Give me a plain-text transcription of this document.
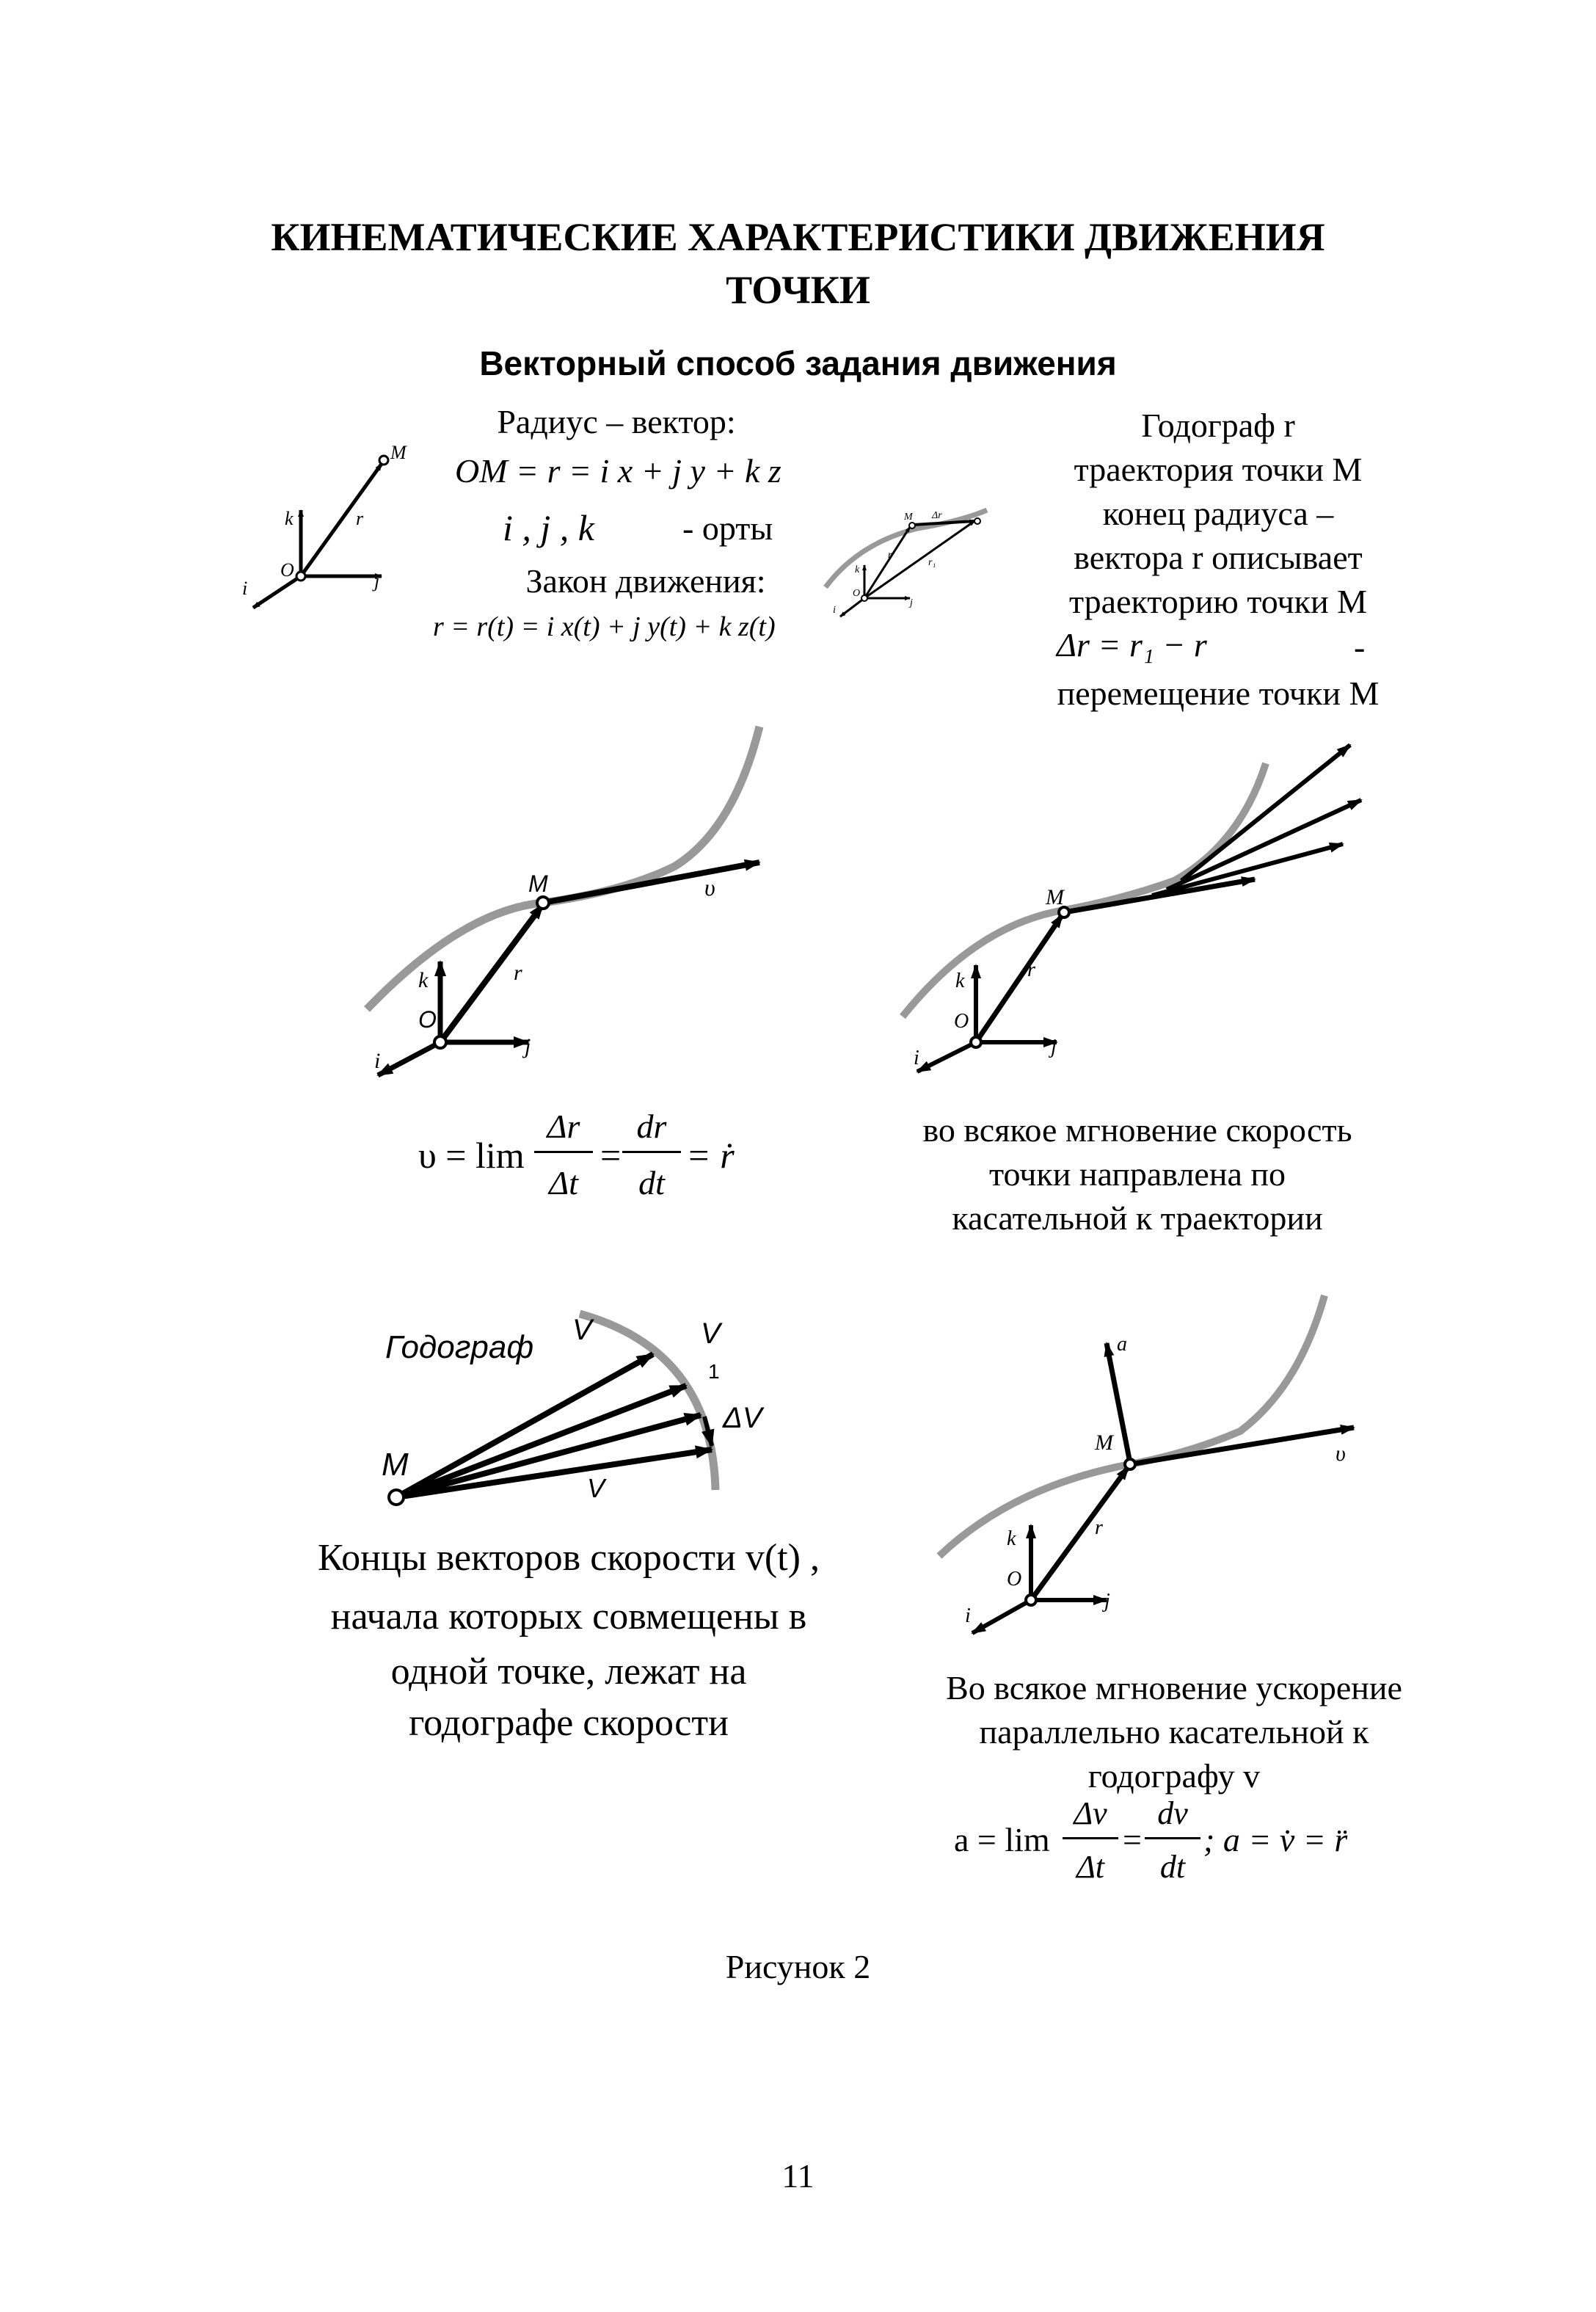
КИНЕМАТИЧЕСКИЕ ХАРАКТЕРИСТИКИ ДВИЖЕНИЯ
ТОЧКИ
Векторный способ задания движения
M
O
k	r
j
i
Радиус – вектор:
OM = r = i x + j y + k z
i , j , k	- орты
Закон движения:
r = r(t) = i x(t) + j y(t) + k z(t)
M Δr
O
k
r
r₁
j
i
Годограф r
траектория точки М
конец радиуса –
вектора r описывает
траекторию точки М
Δr = r₁ − r	-
перемещение точки М
M	υ
O
k	r
j
i
M
O
k	r
j
i
υ = lim
Δr
Δt
=
dr
dt
= ṙ
во всякое мгновение скорость
точки направлена по
касательной к траектории
Годограф V	V
1
ΔV
M
V
Концы векторов скорости v(t) ,
начала которых совмещены в
одной точке, лежат на
годографе скорости
a
M	υ
O
k	r
j
i
Во всякое мгновение ускорение
параллельно касательной к
годографу v
a = lim
Δv
Δt
=
dv
dt
; a = v̇ = r̈
Рисунок 2
11
